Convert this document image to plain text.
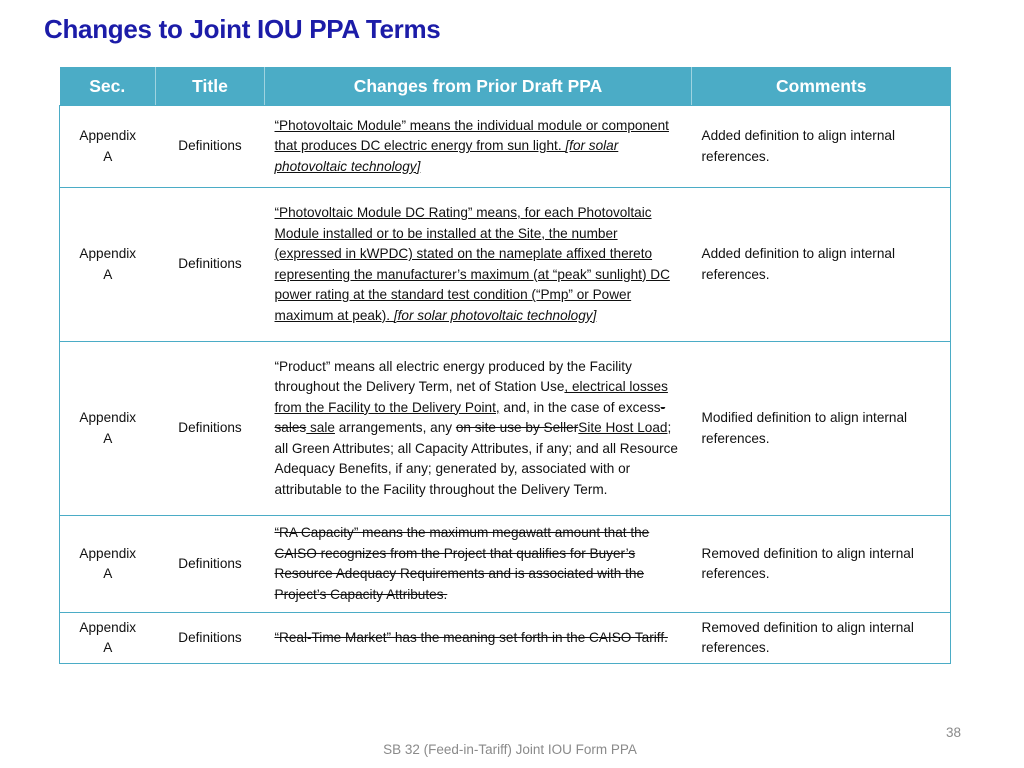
Changes to Joint IOU PPA Terms
Sec.	Title	Changes from Prior Draft PPA	Comments
Appendix A	Definitions	“Photovoltaic Module” means the individual module or component that produces DC electric energy from sun light. [for solar photovoltaic technology]	Added definition to align internal references.
Appendix A	Definitions	“Photovoltaic Module DC Rating” means, for each Photovoltaic Module installed or to be installed at the Site, the number (expressed in kWPDC) stated on the nameplate affixed thereto representing the manufacturer’s maximum (at “peak” sunlight) DC power rating at the standard test condition (“Pmp” or Power maximum at peak). [for solar photovoltaic technology]	Added definition to align internal references.
Appendix A	Definitions	“Product” means all electric energy produced by the Facility throughout the Delivery Term, net of Station Use, electrical losses from the Facility to the Delivery Point, and, in the case of excess-sales sale arrangements, any on site use by SellerSite Host Load; all Green Attributes; all Capacity Attributes, if any; and all Resource Adequacy Benefits, if any; generated by, associated with or attributable to the Facility throughout the Delivery Term.	Modified definition to align internal references.
Appendix A	Definitions	“RA Capacity” means the maximum megawatt amount that the CAISO recognizes from the Project that qualifies for Buyer’s Resource Adequacy Requirements and is associated with the Project’s Capacity Attributes.	Removed definition to align internal references.
Appendix A	Definitions	“Real-Time Market” has the meaning set forth in the CAISO Tariff.	Removed definition to align internal references.
38
SB 32 (Feed-in-Tariff) Joint IOU Form PPA
